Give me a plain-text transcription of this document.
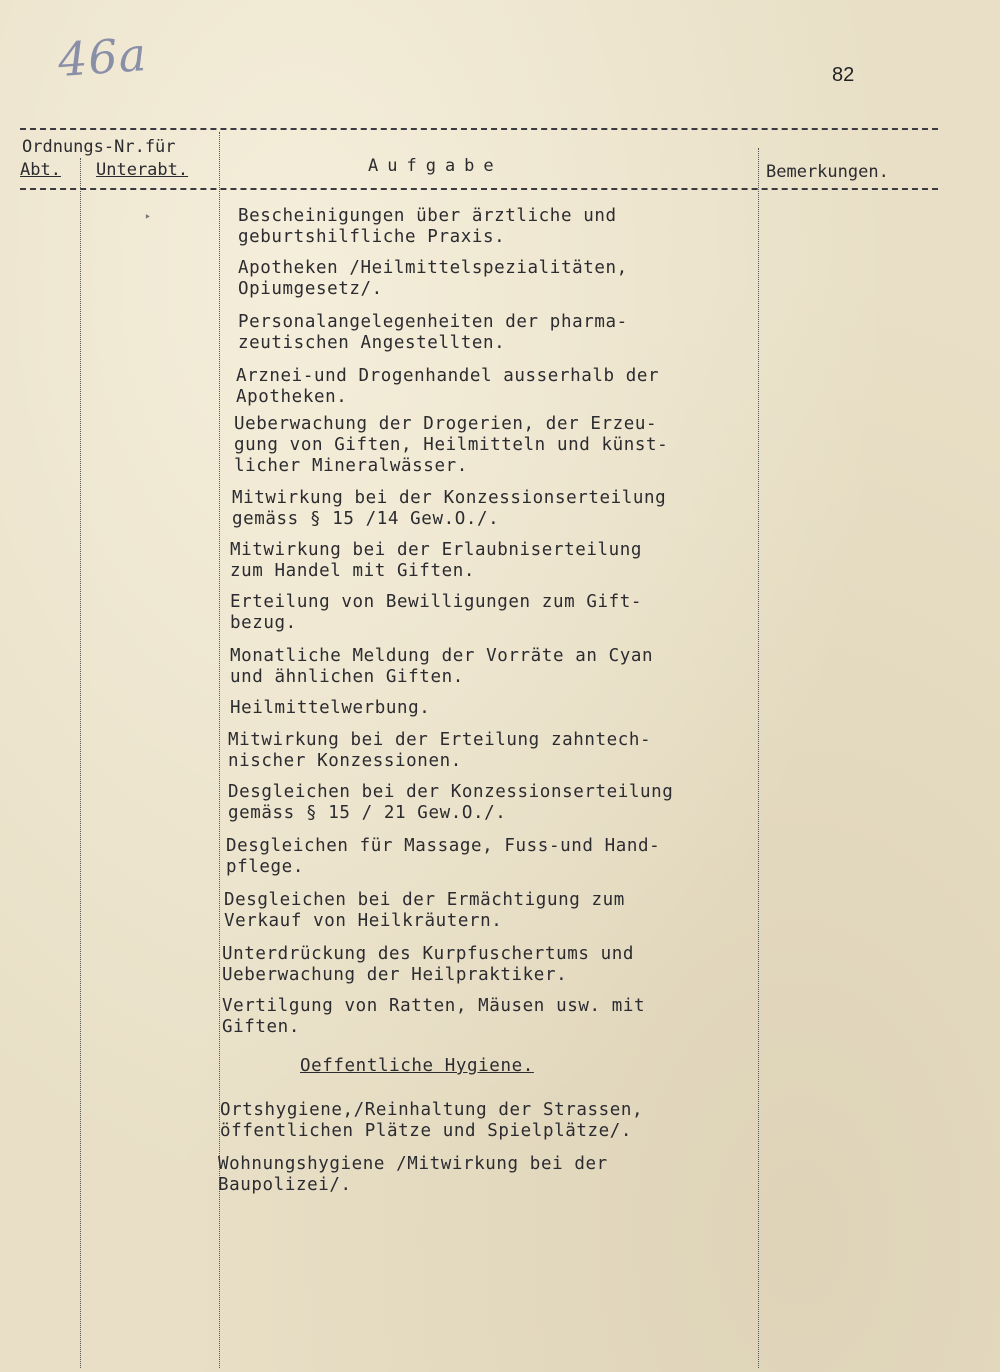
46a	82
Ordnungs-Nr.für
Abt. Unterabt.	Aufgabe	Bemerkungen.
‣	Bescheinigungen über ärztliche und
geburtshilfliche Praxis.
Apotheken /Heilmittelspezialitäten,
Opiumgesetz/.
Personalangelegenheiten der pharma-
zeutischen Angestellten.
Arznei-und Drogenhandel ausserhalb der
Apotheken.
Ueberwachung der Drogerien, der Erzeu-
gung von Giften, Heilmitteln und künst-
licher Mineralwässer.
Mitwirkung bei der Konzessionserteilung
gemäss § 15 /14 Gew.O./.
Mitwirkung bei der Erlaubniserteilung
zum Handel mit Giften.
Erteilung von Bewilligungen zum Gift-
bezug.
Monatliche Meldung der Vorräte an Cyan
und ähnlichen Giften.
Heilmittelwerbung.
Mitwirkung bei der Erteilung zahntech-
nischer Konzessionen.
Desgleichen bei der Konzessionserteilung
gemäss § 15 / 21 Gew.O./.
Desgleichen für Massage, Fuss-und Hand-
pflege.
Desgleichen bei der Ermächtigung zum
Verkauf von Heilkräutern.
Unterdrückung des Kurpfuschertums und
Ueberwachung der Heilpraktiker.
Vertilgung von Ratten, Mäusen usw. mit
Giften.
Oeffentliche Hygiene.
Ortshygiene,/Reinhaltung der Strassen,
öffentlichen Plätze und Spielplätze/.
Wohnungshygiene /Mitwirkung bei der
Baupolizei/.
